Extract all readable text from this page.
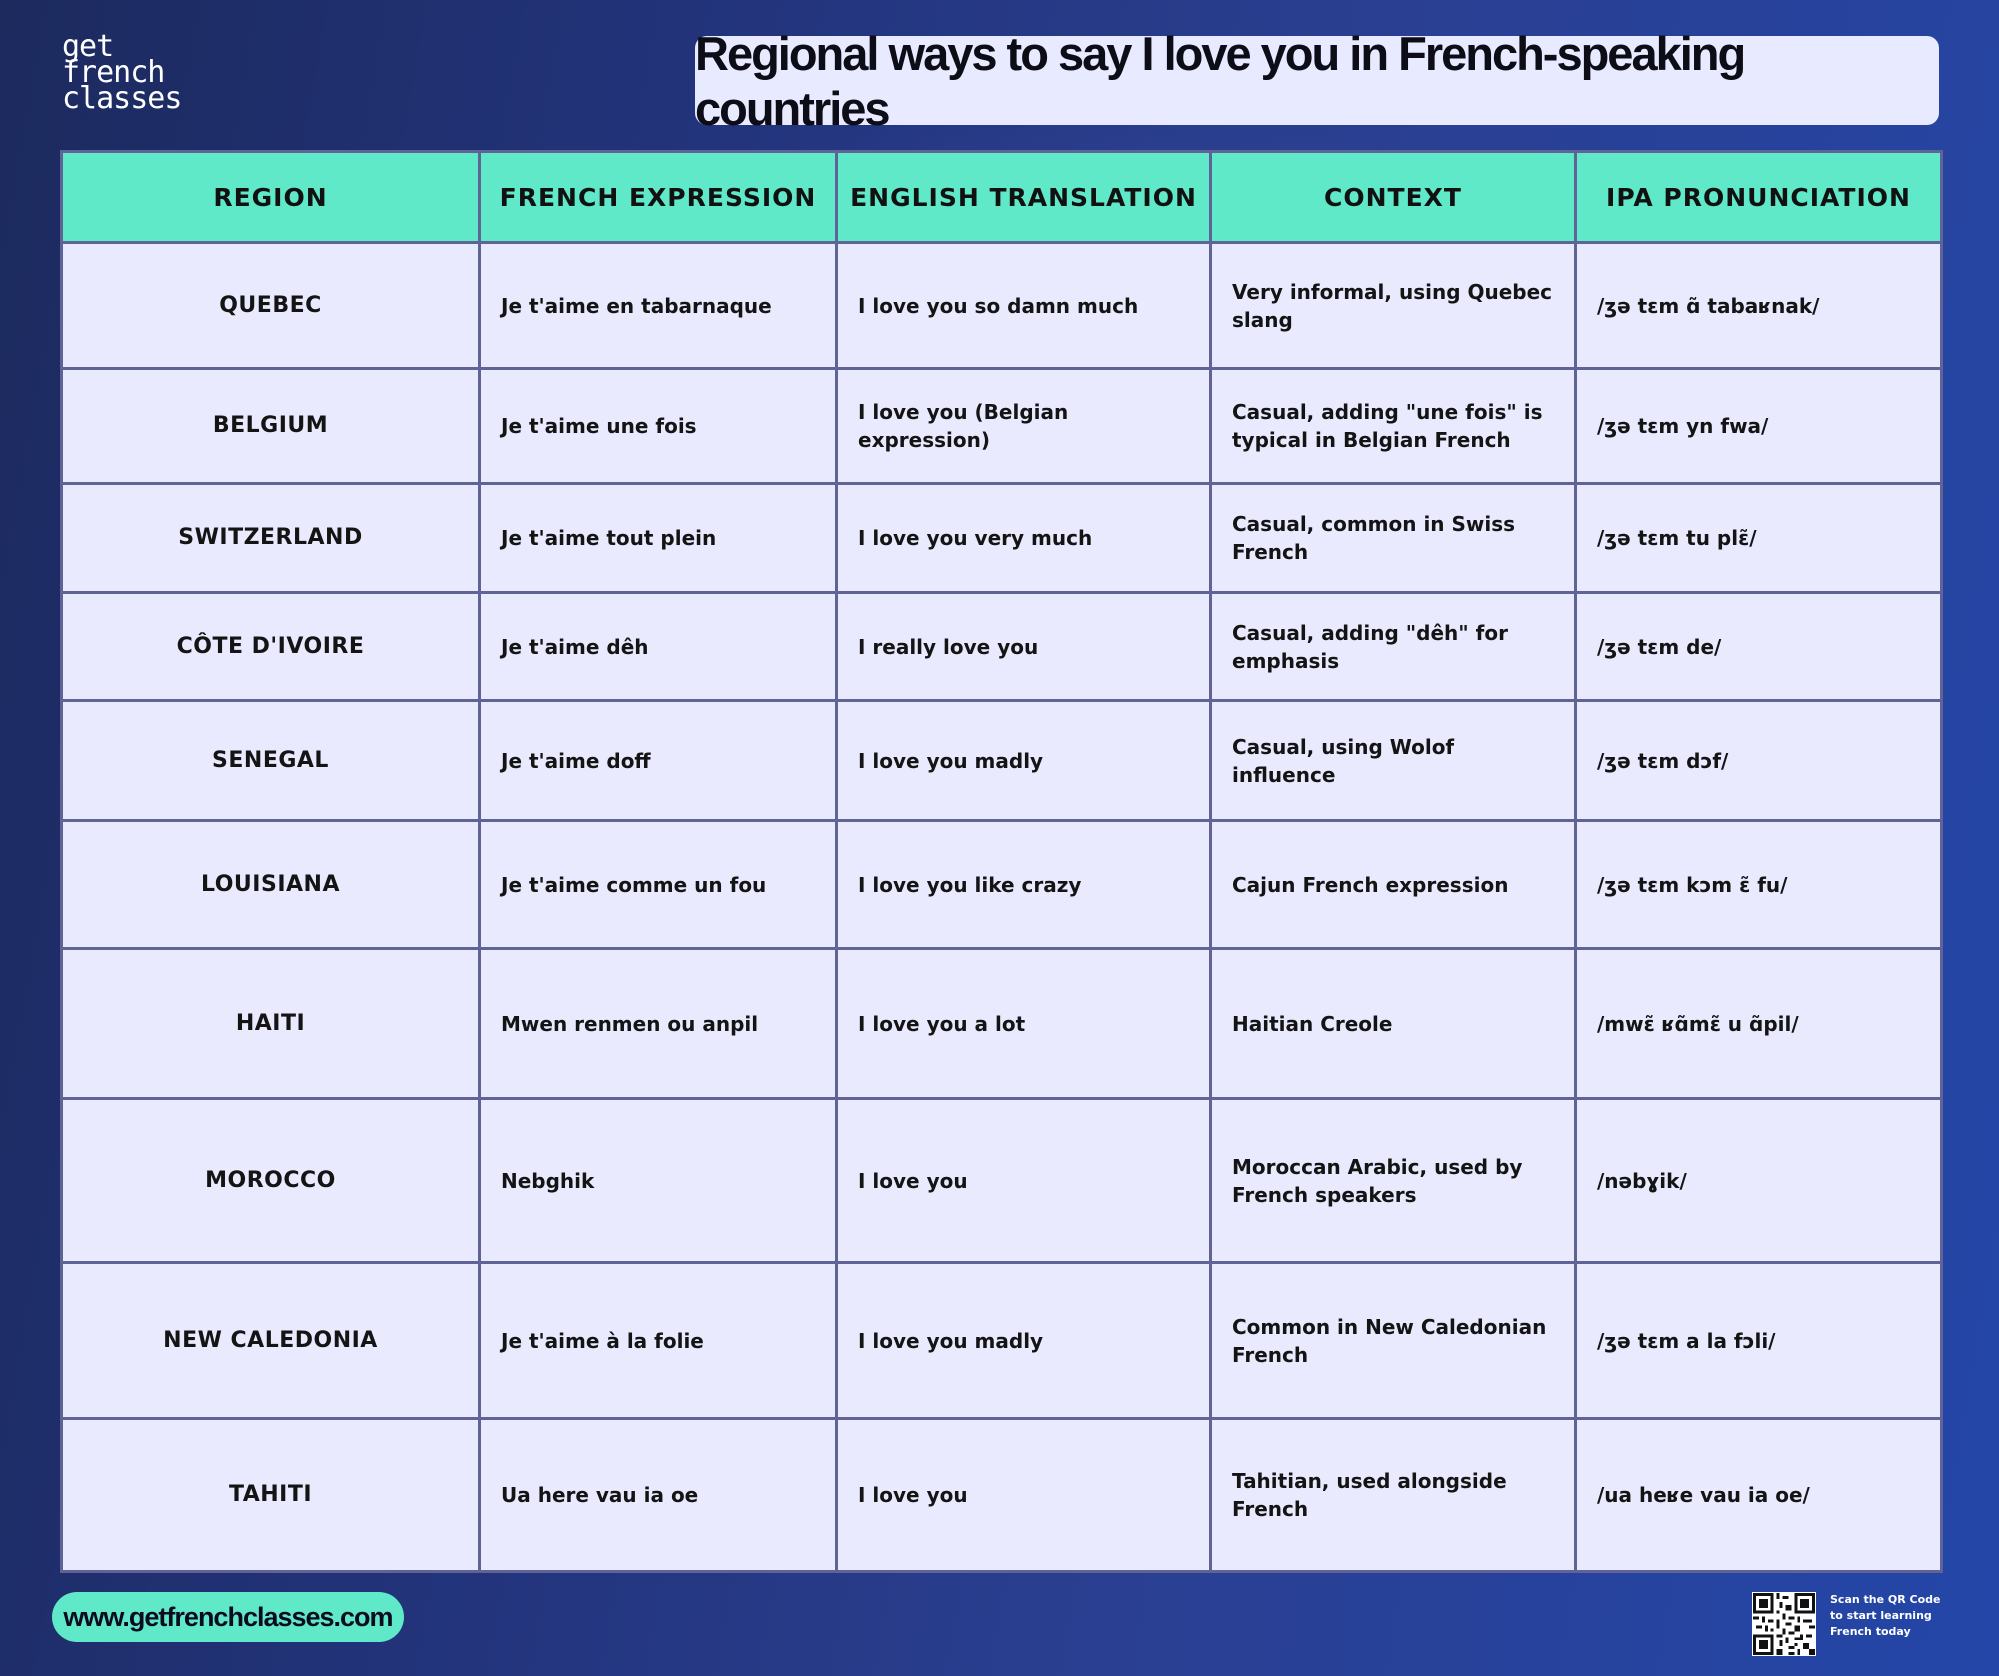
get
french
classes
Regional ways to say I love you in French-speaking countries
REGION	FRENCH EXPRESSION	ENGLISH TRANSLATION	CONTEXT	IPA PRONUNCIATION
QUEBEC	Je t'aime en tabarnaque	I love you so damn much	Very informal, using Quebec slang	/ʒə tɛm ɑ̃ tabaʁnak/
BELGIUM	Je t'aime une fois	I love you (Belgian expression)	Casual, adding "une fois" is typical in Belgian French	/ʒə tɛm yn fwa/
SWITZERLAND	Je t'aime tout plein	I love you very much	Casual, common in Swiss French	/ʒə tɛm tu plɛ̃/
CÔTE D'IVOIRE	Je t'aime dêh	I really love you	Casual, adding "dêh" for emphasis	/ʒə tɛm de/
SENEGAL	Je t'aime doff	I love you madly	Casual, using Wolof influence	/ʒə tɛm dɔf/
LOUISIANA	Je t'aime comme un fou	I love you like crazy	Cajun French expression	/ʒə tɛm kɔm ɛ̃ fu/
HAITI	Mwen renmen ou anpil	I love you a lot	Haitian Creole	/mwɛ̃ ʁɑ̃mɛ̃ u ɑ̃pil/
MOROCCO	Nebghik	I love you	Moroccan Arabic, used by French speakers	/nəbɣik/
NEW CALEDONIA	Je t'aime à la folie	I love you madly	Common in New Caledonian French	/ʒə tɛm a la fɔli/
TAHITI	Ua here vau ia oe	I love you	Tahitian, used alongside French	/ua heʁe vau ia oe/
www.getfrenchclasses.com
Scan the QR Code to start learning French today
